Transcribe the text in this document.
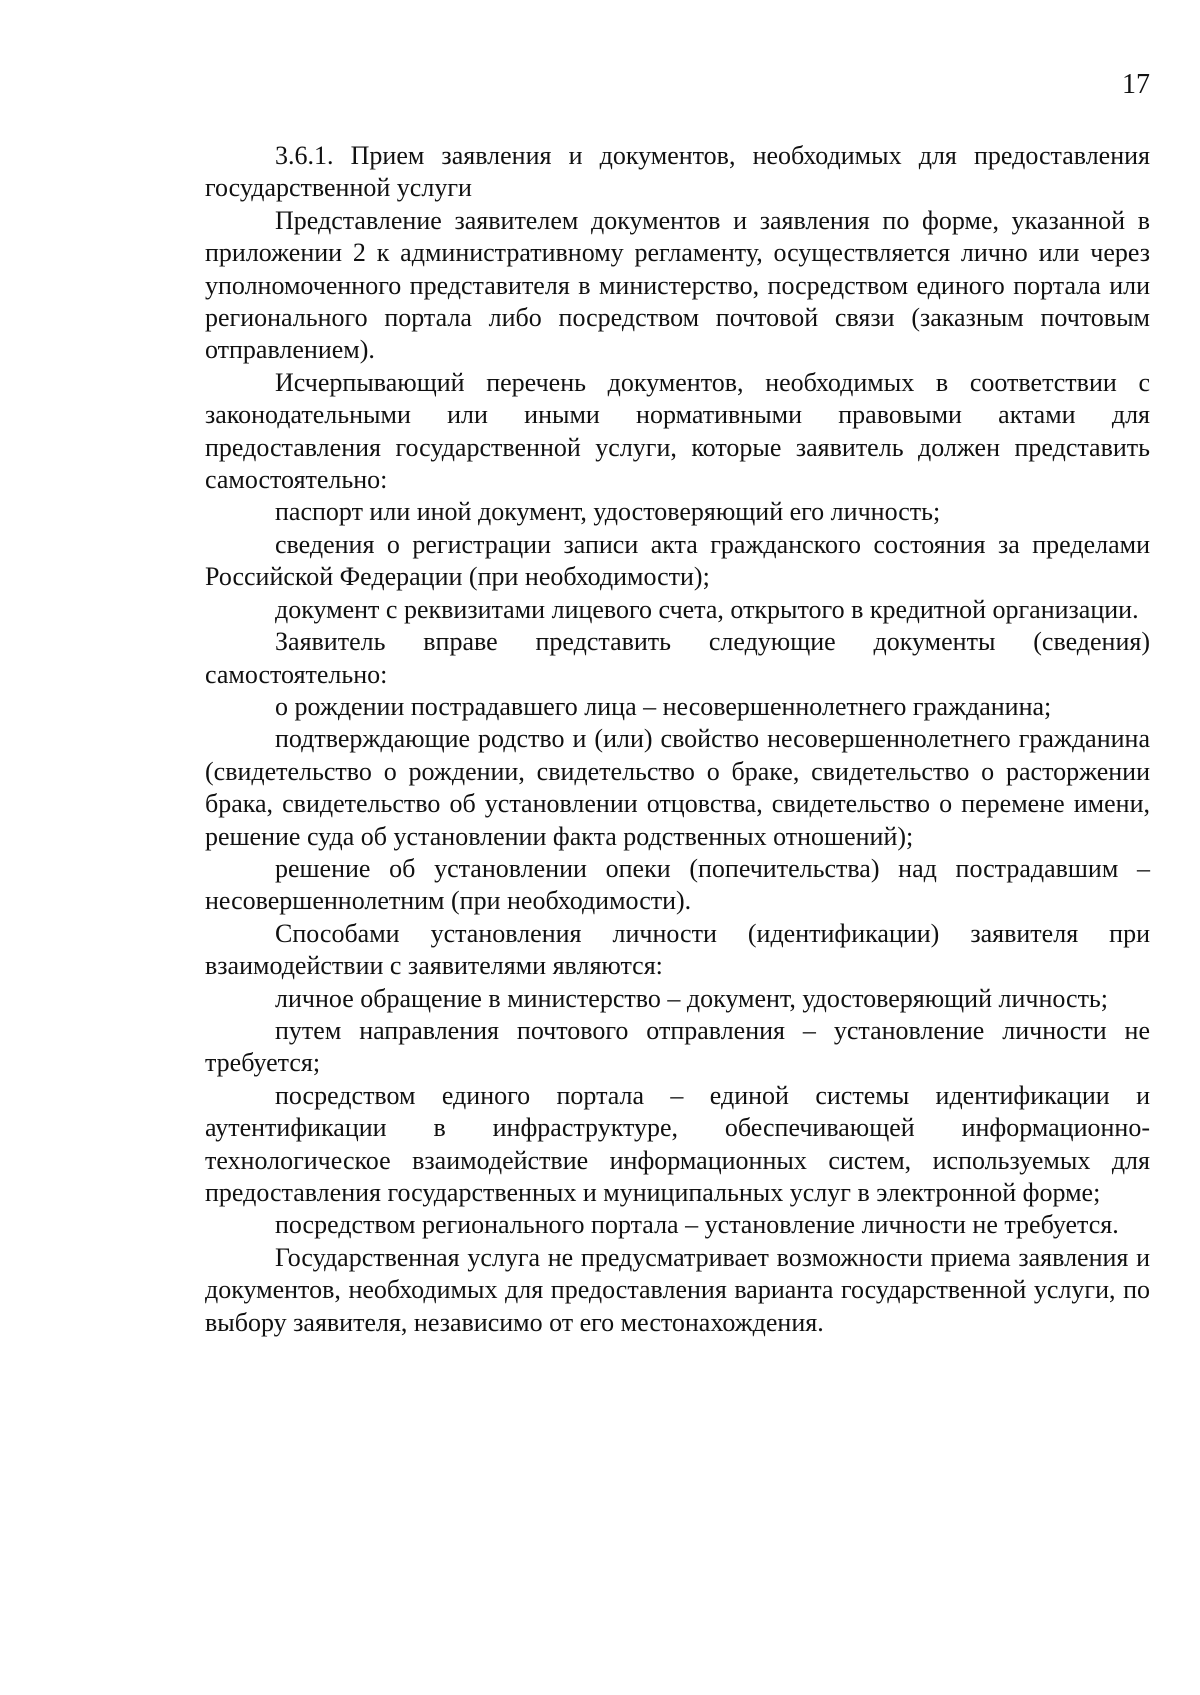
17

3.6.1. Прием заявления и документов, необходимых для предоставления государственной услуги

Представление заявителем документов и заявления по форме, указанной в приложении 2 к административному регламенту, осуществляется лично или через уполномоченного представителя в министерство, посредством единого портала или регионального портала либо посредством почтовой связи (заказным почтовым отправлением).

Исчерпывающий перечень документов, необходимых в соответствии с законодательными или иными нормативными правовыми актами для предоставления государственной услуги, которые заявитель должен представить самостоятельно:

паспорт или иной документ, удостоверяющий его личность;

сведения о регистрации записи акта гражданского состояния за пределами Российской Федерации (при необходимости);

документ с реквизитами лицевого счета, открытого в кредитной организации.

Заявитель вправе представить следующие документы (сведения) самостоятельно:

о рождении пострадавшего лица – несовершеннолетнего гражданина;

подтверждающие родство и (или) свойство несовершеннолетнего гражданина (свидетельство о рождении, свидетельство о браке, свидетельство о расторжении брака, свидетельство об установлении отцовства, свидетельство о перемене имени, решение суда об установлении факта родственных отношений);

решение об установлении опеки (попечительства) над пострадавшим – несовершеннолетним (при необходимости).

Способами установления личности (идентификации) заявителя при взаимодействии с заявителями являются:

личное обращение в министерство – документ, удостоверяющий личность;

путем направления почтового отправления – установление личности не требуется;

посредством единого портала – единой системы идентификации и аутентификации в инфраструктуре, обеспечивающей информационно-технологическое взаимодействие информационных систем, используемых для предоставления государственных и муниципальных услуг в электронной форме;

посредством регионального портала – установление личности не требуется.

Государственная услуга не предусматривает возможности приема заявления и документов, необходимых для предоставления варианта государственной услуги, по выбору заявителя, независимо от его местонахождения.
